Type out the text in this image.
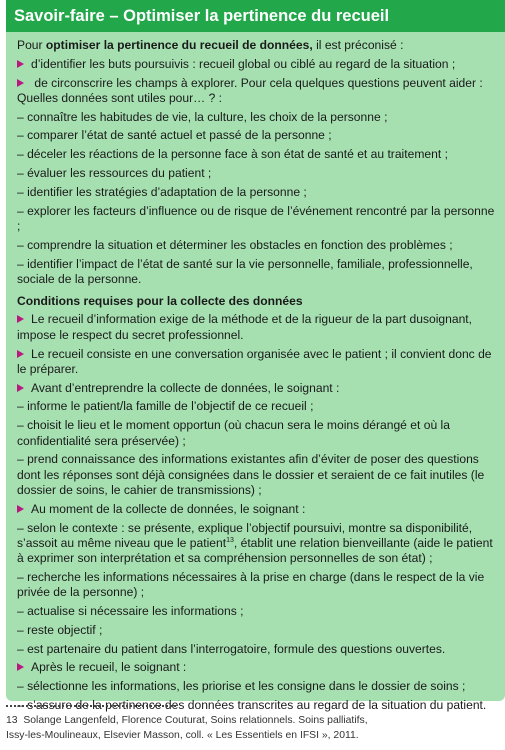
Savoir-faire – Optimiser la pertinence du recueil
Pour optimiser la pertinence du recueil de données, il est préconisé :
d’identifier les buts poursuivis : recueil global ou ciblé au regard de la situation ;
de circonscrire les champs à explorer. Pour cela quelques questions peuvent aider : Quelles données sont utiles pour… ? :
– connaître les habitudes de vie, la culture, les choix de la personne ;
– comparer l’état de santé actuel et passé de la personne ;
– déceler les réactions de la personne face à son état de santé et au traitement ;
– évaluer les ressources du patient ;
– identifier les stratégies d’adaptation de la personne ;
– explorer les facteurs d’influence ou de risque de l’événement rencontré par la personne ;
– comprendre la situation et déterminer les obstacles en fonction des problèmes ;
– identifier l’impact de l’état de santé sur la vie personnelle, familiale, professionnelle, sociale de la personne.
Conditions requises pour la collecte des données
Le recueil d’information exige de la méthode et de la rigueur de la part dusoignant, impose le respect du secret professionnel.
Le recueil consiste en une conversation organisée avec le patient ; il convient donc de le préparer.
Avant d’entreprendre la collecte de données, le soignant :
– informe le patient/la famille de l’objectif de ce recueil ;
– choisit le lieu et le moment opportun (où chacun sera le moins dérangé et où la confidentialité sera préservée) ;
– prend connaissance des informations existantes afin d’éviter de poser des questions dont les réponses sont déjà consignées dans le dossier et seraient de ce fait inutiles (le dossier de soins, le cahier de transmissions) ;
Au moment de la collecte de données, le soignant :
– selon le contexte : se présente, explique l’objectif poursuivi, montre sa disponibilité, s’assoit au même niveau que le patient$^{13}$, établit une relation bienveillante (aide le patient à exprimer son interprétation et sa compréhension personnelles de son état) ;
– recherche les informations nécessaires à la prise en charge (dans le respect de la vie privée de la personne) ;
– actualise si nécessaire les informations ;
– reste objectif ;
– est partenaire du patient dans l’interrogatoire, formule des questions ouvertes.
Après le recueil, le soignant :
– sélectionne les informations, les priorise et les consigne dans le dossier de soins ;
– s’assure de la pertinence des données transcrites au regard de la situation du patient.
13 Solange Langenfeld, Florence Couturat, Soins relationnels. Soins palliatifs, Issy-les-Moulineaux, Elsevier Masson, coll. « Les Essentiels en IFSI », 2011.
